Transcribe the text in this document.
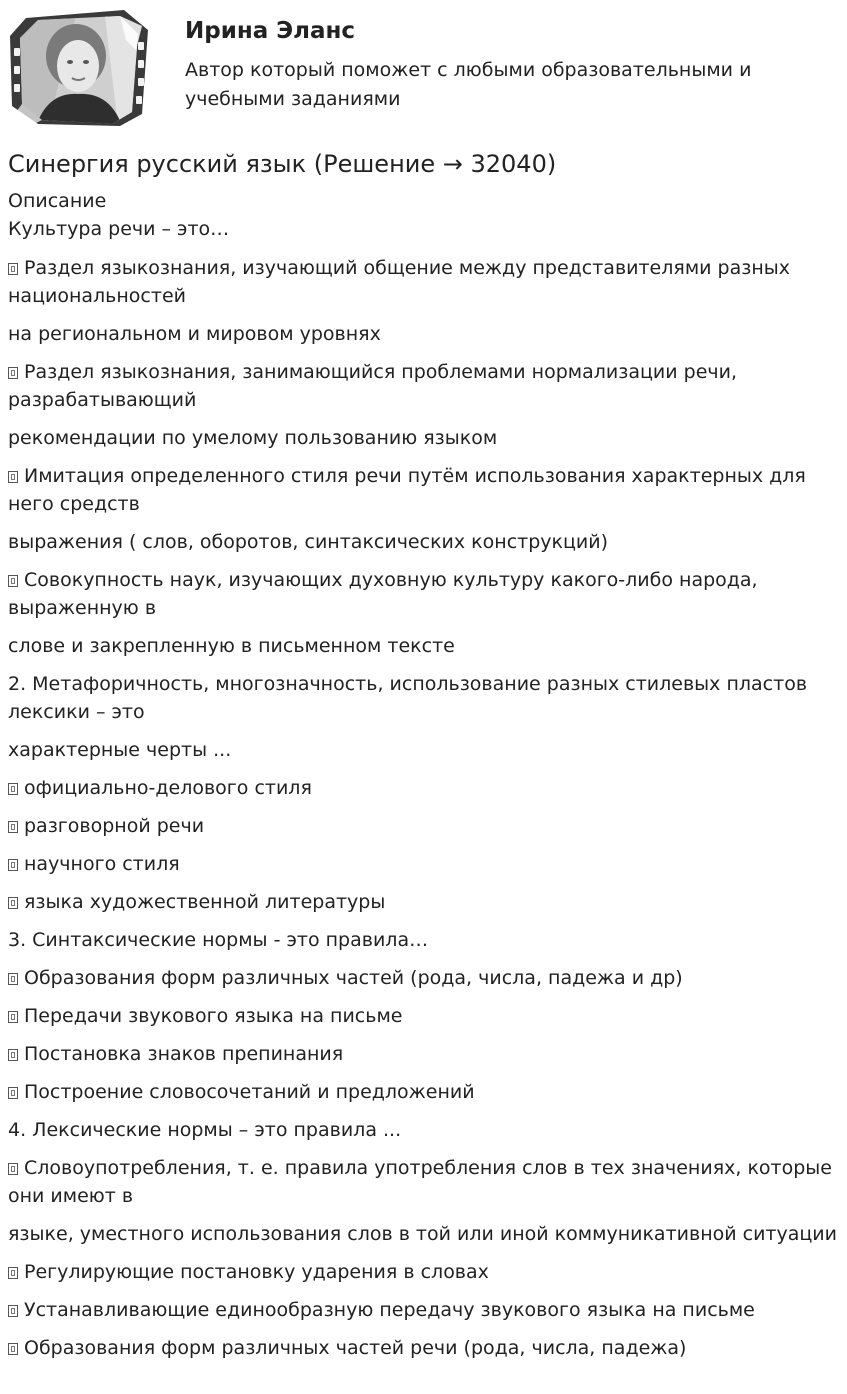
Ирина Эланс
Автор который поможет с любыми образовательными и учебными заданиями
Синергия русский язык (Решение → 32040)
Описание
Культура речи – это…

Раздел языкознания, изучающий общение между представителями разных национальностей

на региональном и мировом уровнях

Раздел языкознания, занимающийся проблемами нормализации речи, разрабатывающий

рекомендации по умелому пользованию языком

Имитация определенного стиля речи путём использования характерных для него средств

выражения ( слов, оборотов, синтаксических конструкций)

Совокупность наук, изучающих духовную культуру какого-либо народа, выраженную в

слове и закрепленную в письменном тексте

2. Метафоричность, многозначность, использование разных стилевых пластов лексики – это

характерные черты ...

официально-делового стиля

разговорной речи

научного стиля

языка художественной литературы

3. Синтаксические нормы - это правила…

Образования форм различных частей (рода, числа, падежа и др)

Передачи звукового языка на письме

Постановка знаков препинания

Построение словосочетаний и предложений

4. Лексические нормы – это правила ...

Словоупотребления, т. е. правила употребления слов в тех значениях, которые они имеют в

языке, уместного использования слов в той или иной коммуникативной ситуации

Регулирующие постановку ударения в словах

Устанавливающие единообразную передачу звукового языка на письме

Образования форм различных частей речи (рода, числа, падежа)
